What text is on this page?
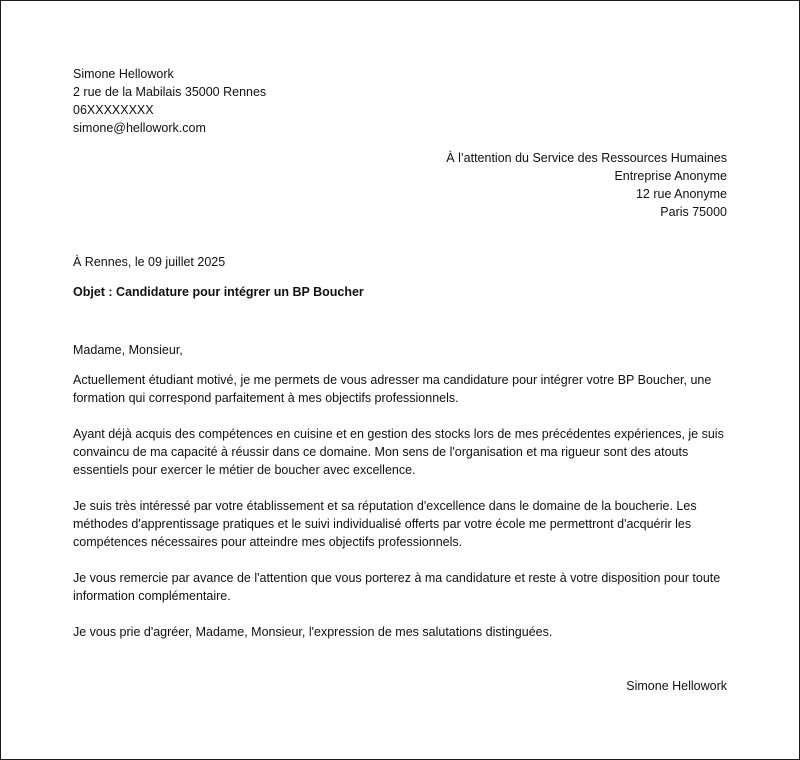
Simone Hellowork
2 rue de la Mabilais 35000 Rennes
06XXXXXXXX
simone@hellowork.com
À l’attention du Service des Ressources Humaines
Entreprise Anonyme
12 rue Anonyme
Paris 75000
À Rennes, le 09 juillet 2025
Objet : Candidature pour intégrer un BP Boucher

Madame, Monsieur,

Actuellement étudiant motivé, je me permets de vous adresser ma candidature pour intégrer votre BP Boucher, une formation qui correspond parfaitement à mes objectifs professionnels.

Ayant déjà acquis des compétences en cuisine et en gestion des stocks lors de mes précédentes expériences, je suis convaincu de ma capacité à réussir dans ce domaine. Mon sens de l'organisation et ma rigueur sont des atouts essentiels pour exercer le métier de boucher avec excellence.

Je suis très intéressé par votre établissement et sa réputation d'excellence dans le domaine de la boucherie. Les méthodes d'apprentissage pratiques et le suivi individualisé offerts par votre école me permettront d'acquérir les compétences nécessaires pour atteindre mes objectifs professionnels.

Je vous remercie par avance de l'attention que vous porterez à ma candidature et reste à votre disposition pour toute information complémentaire.

Je vous prie d'agréer, Madame, Monsieur, l'expression de mes salutations distinguées.

Simone Hellowork
